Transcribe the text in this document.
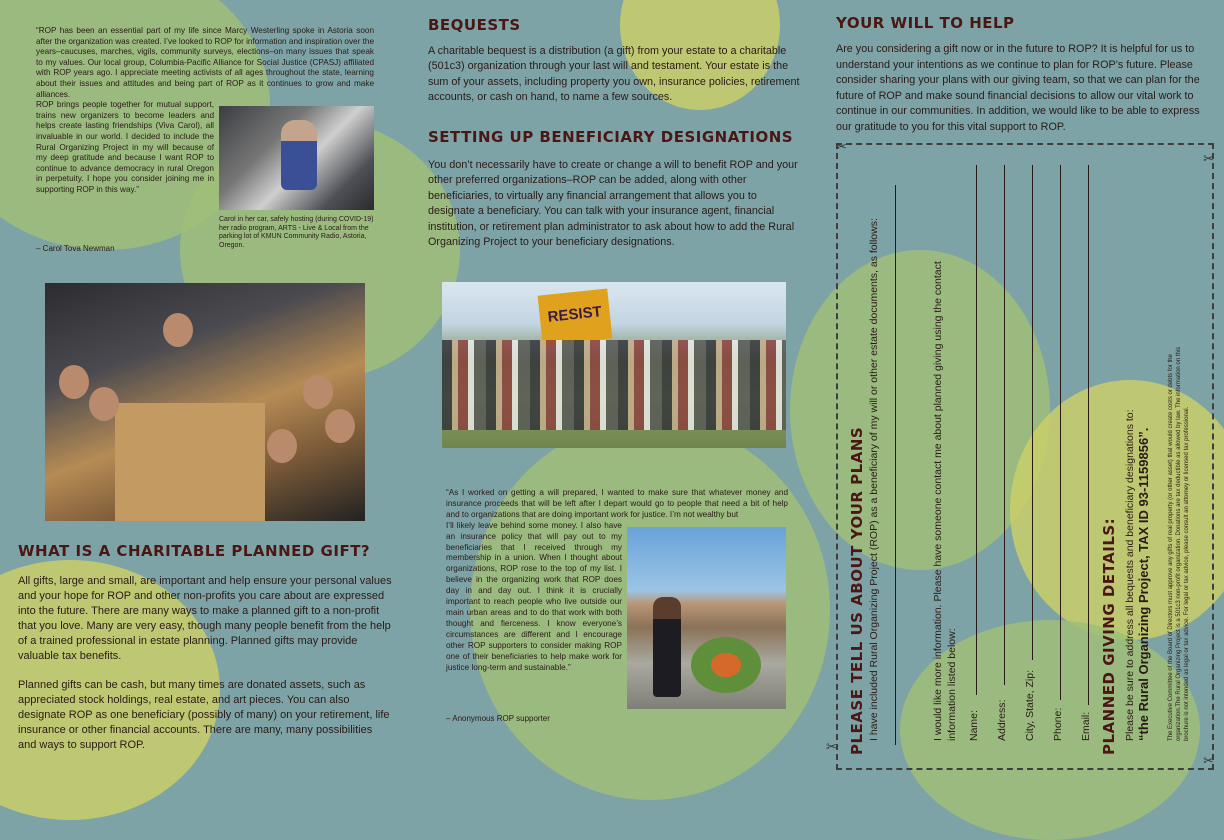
“ROP has been an essential part of my life since Marcy Westerling spoke in Astoria soon after the organization was created. I’ve looked to ROP for information and inspiration over the years–caucuses, marches, vigils, community surveys, elections–on many issues that speak to my values. Our local group, Columbia-Pacific Alliance for Social Justice (CPASJ) affiliated with ROP years ago. I appreciate meeting activists of all ages throughout the state, learning about their issues and attitudes and being part of ROP as it continues to grow and make alliances.

ROP brings people together for mutual support, trains new organizers to become leaders and helps create lasting friendships (Viva Carol), all invaluable in our world. I decided to include the Rural Organizing Project in my will because of my deep gratitude and because I want ROP to continue to advance democracy in rural Oregon in perpetuity. I hope you consider joining me in supporting ROP in this way.”

– Carol Tova Newman
Carol in her car, safely hosting (during COVID-19) her radio program, ARTS - Live & Local from the parking lot of KMUN Community Radio, Astoria, Oregon.
WHAT IS A CHARITABLE PLANNED GIFT?

All gifts, large and small, are important and help ensure your personal values and your hope for ROP and other non-profits you care about are expressed into the future. There are many ways to make a planned gift to a non-profit that you love. Many are very easy, though many people benefit from the help of a trained professional in estate planning. Planned gifts may provide valuable tax benefits.

Planned gifts can be cash, but many times are donated assets, such as appreciated stock holdings, real estate, and art pieces. You can also designate ROP as one beneficiary (possibly of many) on your retirement, life insurance or other financial accounts. There are many, many possibilities and ways to support ROP.

BEQUESTS

A charitable bequest is a distribution (a gift) from your estate to a charitable (501c3) organization through your last will and testament. Your estate is the sum of your assets, including property you own, insurance policies, retirement accounts, or cash on hand, to name a few sources.

SETTING UP BENEFICIARY DESIGNATIONS

You don’t necessarily have to create or change a will to benefit ROP and your other preferred organizations–ROP can be added, along with other beneficiaries, to virtually any financial arrangement that allows you to designate a beneficiary. You can talk with your insurance agent, financial institution, or retirement plan administrator to ask about how to add the Rural Organizing Project to your beneficiary designations.

RESIST

“As I worked on getting a will prepared, I wanted to make sure that whatever money and insurance proceeds that will be left after I depart would go to people that need a bit of help and to organizations that are doing important work for justice. I’m not wealthy but

I’ll likely leave behind some money. I also have an insurance policy that will pay out to my beneficiaries that I received through my membership in a union. When I thought about organizations, ROP rose to the top of my list. I believe in the organizing work that ROP does day in and day out. I think it is crucially important to reach people who live outside our main urban areas and to do that work with both thought and fierceness. I know everyone’s circumstances are different and I encourage other ROP supporters to consider making ROP one of their beneficiaries to help make work for justice long-term and sustainable.”

– Anonymous ROP supporter
YOUR WILL TO HELP

Are you considering a gift now or in the future to ROP? It is helpful for us to understand your intentions as we continue to plan for ROP’s future. Please consider sharing your plans with our giving team, so that we can plan for the future of ROP and make sound financial decisions to allow our vital work to continue in our communities. In addition, we would like to be able to express our gratitude to you for this vital support to ROP.

✂
✂
✂
✂
PLEASE TELL US ABOUT YOUR PLANS I have included Rural Organizing Project (ROP) as a beneficiary of my will or other estate documents, as follows:	I would like more information. Please have someone contact me about planned giving using the contact information listed below: Name: Address: City, State, Zip: Phone: Email: PLANNED GIVING DETAILS: Please be sure to address all bequests and beneficiary designations to: “the Rural Organizing Project, TAX ID 93-1159856”.	The Executive Committee of the Board of Directors must approve any gifts of real property (or other asset) that would create costs or debts for the organization.The Rural Organizing Project is a 501c3 non-profit organization. Donations are tax deductible as allowed by law. The information on this brochure is not intended as legal or tax advice. For legal or tax advice, please consult an attorney or licensed tax professional.
